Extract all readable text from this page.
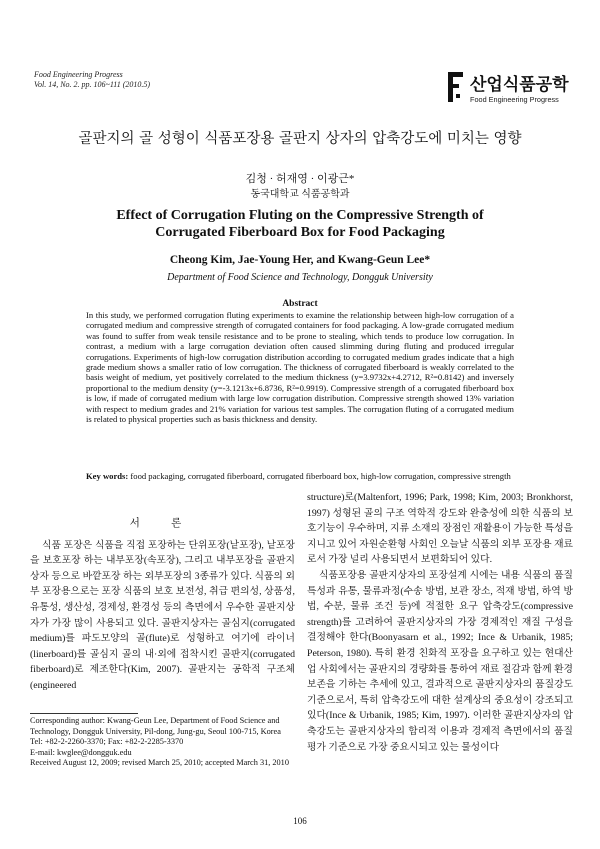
Food Engineering Progress
Vol. 14, No. 2. pp. 106~111 (2010.5)	산업식품공학
Food Engineering Progress
골판지의 골 성형이 식품포장용 골판지 상자의 압축강도에 미치는 영향
김청 · 허재영 · 이광근*
동국대학교 식품공학과
Effect of Corrugation Fluting on the Compressive Strength of
Corrugated Fiberboard Box for Food Packaging
Cheong Kim, Jae-Young Her, and Kwang-Geun Lee*
Department of Food Science and Technology, Dongguk University
Abstract
In this study, we performed corrugation fluting experiments to examine the relationship between high-low corrugation of a corrugated medium and compressive strength of corrugated containers for food packaging. A low-grade corrugated medium was found to suffer from weak tensile resistance and to be prone to stealing, which tends to produce low corrugation. In contrast, a medium with a large corrugation deviation often caused slimming during fluting and produced irregular corrugations. Experiments of high-low corrugation distribution according to corrugated medium grades indicate that a high grade medium shows a smaller ratio of low corrugation. The thickness of corrugated fiberboard is weakly correlated to the basis weight of medium, yet positively correlated to the medium thickness (y=3.9732x+4.2712, R²=0.8142) and inversely proportional to the medium density (y=-3.1213x+6.8736, R²=0.9919). Compressive strength of a corrugated fiberboard box is low, if made of corrugated medium with large low corrugation distribution. Compressive strength showed 13% variation with respect to medium grades and 21% variation for various test samples. The corrugation fluting of a corrugated medium is related to physical properties such as basis thickness and density.
Key words: food packaging, corrugated fiberboard, corrugated fiberboard box, high-low corrugation, compressive strength
서 론
식품 포장은 식품을 직접 포장하는 단위포장(낱포장), 낱포장을 보호포장 하는 내부포장(속포장), 그리고 내부포장을 골판지상자 등으로 바깥포장 하는 외부포장의 3종류가 있다. 식품의 외부 포장용으로는 포장 식품의 보호 보전성, 취급 편의성, 상품성, 유통성, 생산성, 경제성, 환경성 등의 측면에서 우수한 골판지상자가 가장 많이 사용되고 있다. 골판지상자는 골심지(corrugated medium)를 파도모양의 골(flute)로 성형하고 여기에 라이너(linerboard)를 골심지 골의 내·외에 접착시킨 골판지(corrugated fiberboard)로 제조한다(Kim, 2007). 골판지는 공학적 구조체(engineered
structure)로(Maltenfort, 1996; Park, 1998; Kim, 2003; Bronkhorst, 1997) 성형된 골의 구조 역학적 강도와 완충성에 의한 식품의 보호기능이 우수하며, 지류 소재의 장점인 재활용이 가능한 특성을 지니고 있어 자원순환형 사회인 오늘날 식품의 외부 포장용 재료로서 가장 널리 사용되면서 보편화되어 있다.
식품포장용 골판지상자의 포장설계 시에는 내용 식품의 품질 특성과 유통, 물류과정(수송 방법, 보관 장소, 적재 방법, 하역 방법, 수분, 물류 조건 등)에 적절한 요구 압축강도(compressive strength)를 고려하여 골판지상자의 가장 경제적인 재질 구성을 결정해야 한다(Boonyasarn et al., 1992; Ince & Urbanik, 1985; Peterson, 1980). 특히 환경 친화적 포장을 요구하고 있는 현대산업 사회에서는 골판지의 경량화를 통하여 재료 절감과 함께 환경 보존을 기하는 추세에 있고, 결과적으로 골판지상자의 품질강도 기준으로서, 특히 압축강도에 대한 설계상의 중요성이 강조되고 있다(Ince & Urbanik, 1985; Kim, 1997). 이러한 골판지상자의 압축강도는 골판지상자의 합리적 이용과 경제적 측면에서의 품질평가 기준으로 가장 중요시되고 있는 물성이다
Corresponding author: Kwang-Geun Lee, Department of Food Science and Technology, Dongguk University, Pil-dong, Jung-gu, Seoul 100-715, Korea
Tel: +82-2-2260-3370; Fax: +82-2-2285-3370
E-mail: kwglee@dongguk.edu
Received August 12, 2009; revised March 25, 2010; accepted March 31, 2010
106
